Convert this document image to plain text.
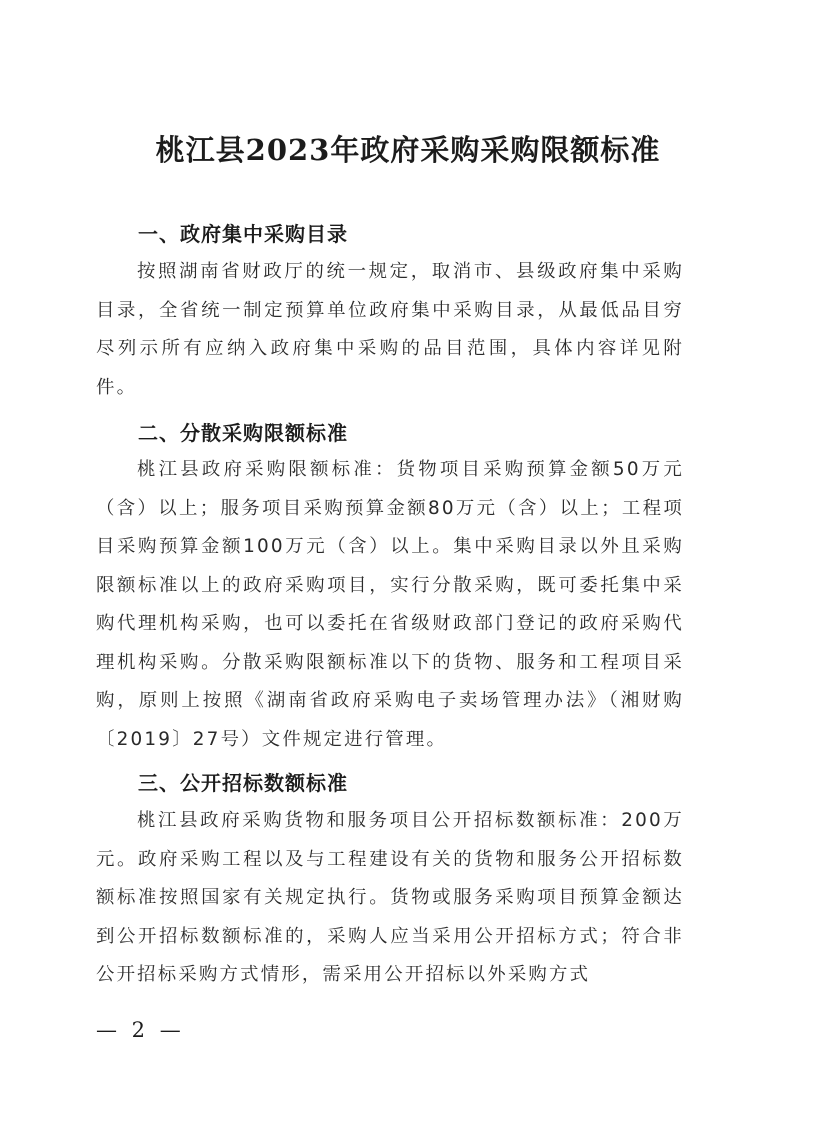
桃江县2023年政府采购采购限额标准
一、政府集中采购目录

按照湖南省财政厅的统一规定，取消市、县级政府集中采购目录，全省统一制定预算单位政府集中采购目录，从最低品目穷尽列示所有应纳入政府集中采购的品目范围，具体内容详见附件。

二、分散采购限额标准

桃江县政府采购限额标准：货物项目采购预算金额50万元（含）以上；服务项目采购预算金额80万元（含）以上；工程项目采购预算金额100万元（含）以上。集中采购目录以外且采购限额标准以上的政府采购项目，实行分散采购，既可委托集中采购代理机构采购，也可以委托在省级财政部门登记的政府采购代理机构采购。分散采购限额标准以下的货物、服务和工程项目采购，原则上按照《湖南省政府采购电子卖场管理办法》（湘财购〔2019〕27号）文件规定进行管理。

三、公开招标数额标准

桃江县政府采购货物和服务项目公开招标数额标准：200万元。政府采购工程以及与工程建设有关的货物和服务公开招标数额标准按照国家有关规定执行。货物或服务采购项目预算金额达到公开招标数额标准的，采购人应当采用公开招标方式；符合非公开招标采购方式情形，需采用公开招标以外采购方式

— 2 —
